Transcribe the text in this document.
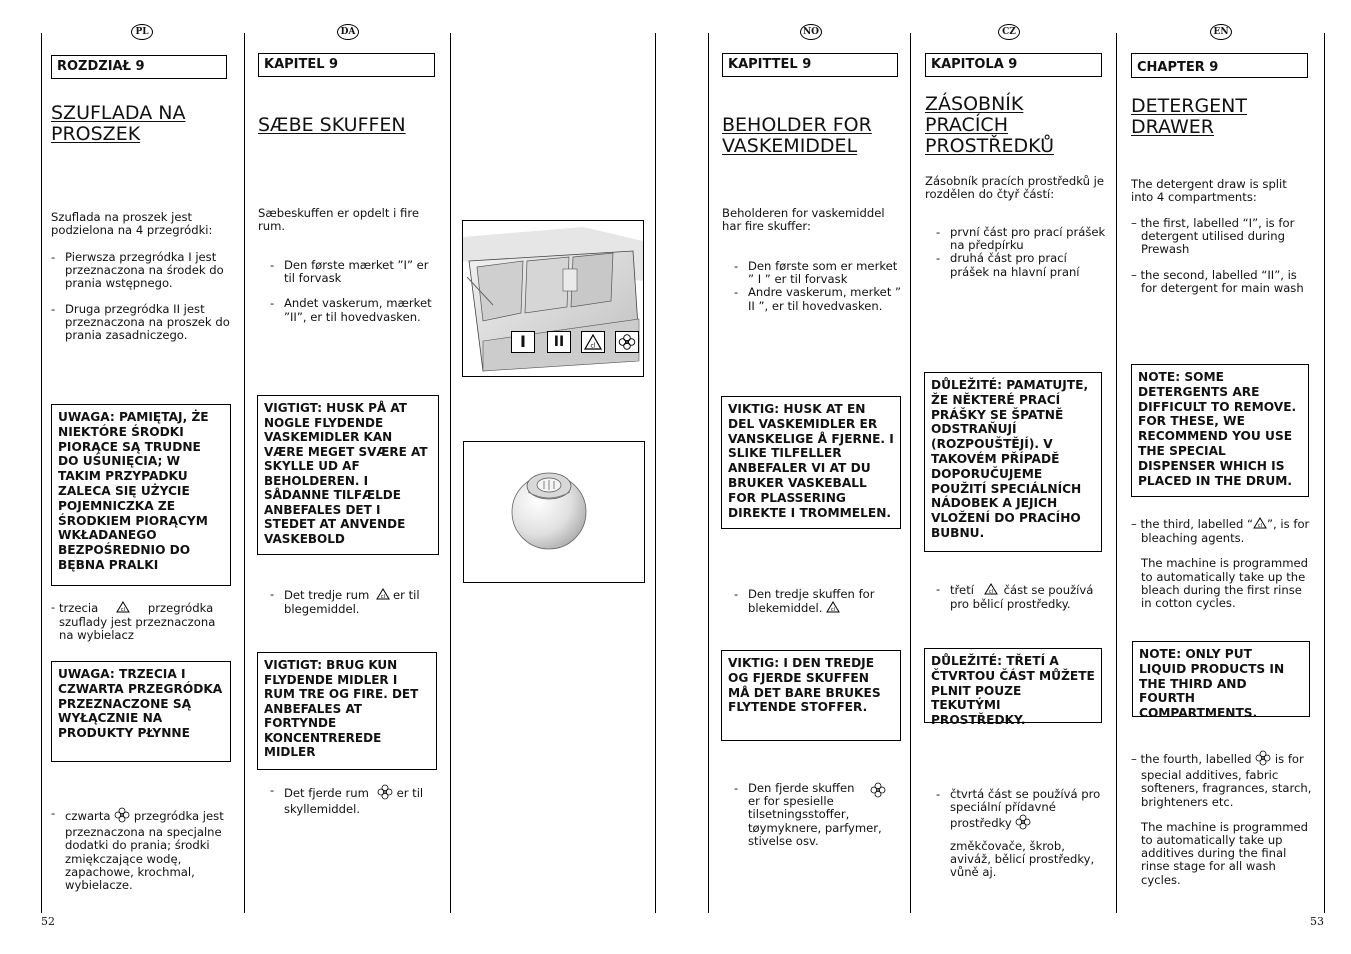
PL	DA	NO	CZ	EN
ROZDZIAŁ 9
SZUFLADA NA
PROSZEK
Szuflada na proszek jest podzielona na 4 przegródki:

- Pierwsza przegródka I jest przeznaczona na środek do prania wstępnego.

- Druga przegródka II jest przeznaczona na proszek do prania zasadniczego.

UWAGA: PAMIĘTAJ, ŻE NIEKTÓRE ŚRODKI PIORĄCE SĄ TRUDNE DO UŚUNIĘCIA; W TAKIM PRZYPADKU ZALECA SIĘ UŻYCIE POJEMNICZKA ZE ŚRODKIEM PIORĄCYM WKŁADANEGO BEZPOŚREDNIO DO BĘBNA PRALKI

- trzecia	cl przegródka szuflady jest przeznaczona na wybielacz

UWAGA: TRZECIA I CZWARTA PRZEGRÓDKA PRZEZNACZONE SĄ WYŁĄCZNIE NA PRODUKTY PŁYNNE

- czwarta przegródka jest przeznaczona na specjalne dodatki do prania; środki zmiękczające wodę, zapachowe, krochmal, wybielacze.

KAPITEL 9
SÆBE SKUFFEN
Sæbeskuffen er opdelt i fire rum.

- Den første mærket ”I” er til forvask

- Andet vaskerum, mærket ”II”, er til hovedvasken.

VIGTIGT: HUSK PÅ AT NOGLE FLYDENDE VASKEMIDLER KAN VÆRE MEGET SVÆRE AT SKYLLE UD AF BEHOLDEREN. I SÅDANNE TILFÆLDE ANBEFALES DET I STEDET AT ANVENDE VASKEBOLD

- Det tredje rum cl er til blegemiddel.

VIGTIGT: BRUG KUN FLYDENDE MIDLER I RUM TRE OG FIRE. DET ANBEFALES AT FORTYNDE KONCENTREREDE MIDLER

- Det fjerde rum er til skyllemiddel.

I	II	cl
KAPITTEL 9
BEHOLDER FOR
VASKEMIDDEL
Beholderen for vaskemiddel har fire skuffer:

- Den første som er merket ” I ” er til forvask

- Andre vaskerum, merket ” II ”, er til hovedvasken.

VIKTIG: HUSK AT EN DEL VASKEMIDLER ER VANSKELIGE Å FJERNE. I SLIKE TILFELLER ANBEFALER VI AT DU BRUKER VASKEBALL FOR PLASSERING DIREKTE I TROMMELEN.

- Den tredje skuffen for blekemiddel. cl

VIKTIG: I DEN TREDJE OG FJERDE SKUFFEN MÅ DET BARE BRUKES FLYTENDE STOFFER.

- Den fjerde skuffen er for spesielle tilsetningsstoffer, tøymyknere, parfymer, stivelse osv.

KAPITOLA 9
ZÁSOBNÍK
PRACÍCH
PROSTŘEDKŮ
Zásobník pracích prostředků je rozdělen do čtyř částí:

- první část pro prací prášek na předpírku

- druhá část pro prací prášek na hlavní praní

DŮLEŽITÉ: PAMATUJTE, ŽE NĚKTERÉ PRACÍ PRÁŠKY SE ŠPATNĚ ODSTRAŇUJÍ (ROZPOUŠTĚJÍ). V TAKOVÉM PŘÍPADĚ DOPORUČUJEME POUŽITÍ SPECIÁLNÍCH NÁDOBEK A JEJICH VLOŽENÍ DO PRACÍHO BUBNU.

- třetí	cl část se používá pro bělicí prostředky.

DŮLEŽITÉ: TŘETÍ A ČTVRTOU ČÁST MŮŽETE PLNIT POUZE TEKUTÝMI PROSTŘEDKY.

- čtvrtá část se používá pro speciální přídavné prostředky
změkčovače, škrob, aviváž, bělicí prostředky, vůně aj.

CHAPTER 9
DETERGENT
DRAWER
The detergent draw is split into 4 compartments:

– the first, labelled “I”, is for detergent utilised during Prewash

– the second, labelled “II”, is for detergent for main wash

NOTE: SOME DETERGENTS ARE DIFFICULT TO REMOVE. FOR THESE, WE RECOMMEND YOU USE THE SPECIAL DISPENSER WHICH IS PLACED IN THE DRUM.

– the third, labelled “ cl ”, is for bleaching agents.

The machine is programmed to automatically take up the bleach during the first rinse in cotton cycles.

NOTE: ONLY PUT LIQUID PRODUCTS IN THE THIRD AND FOURTH COMPARTMENTS.

– the fourth, labelled is for special additives, fabric softeners, fragrances, starch, brighteners etc.

The machine is programmed to automatically take up additives during the final rinse stage for all wash cycles.

52	53
